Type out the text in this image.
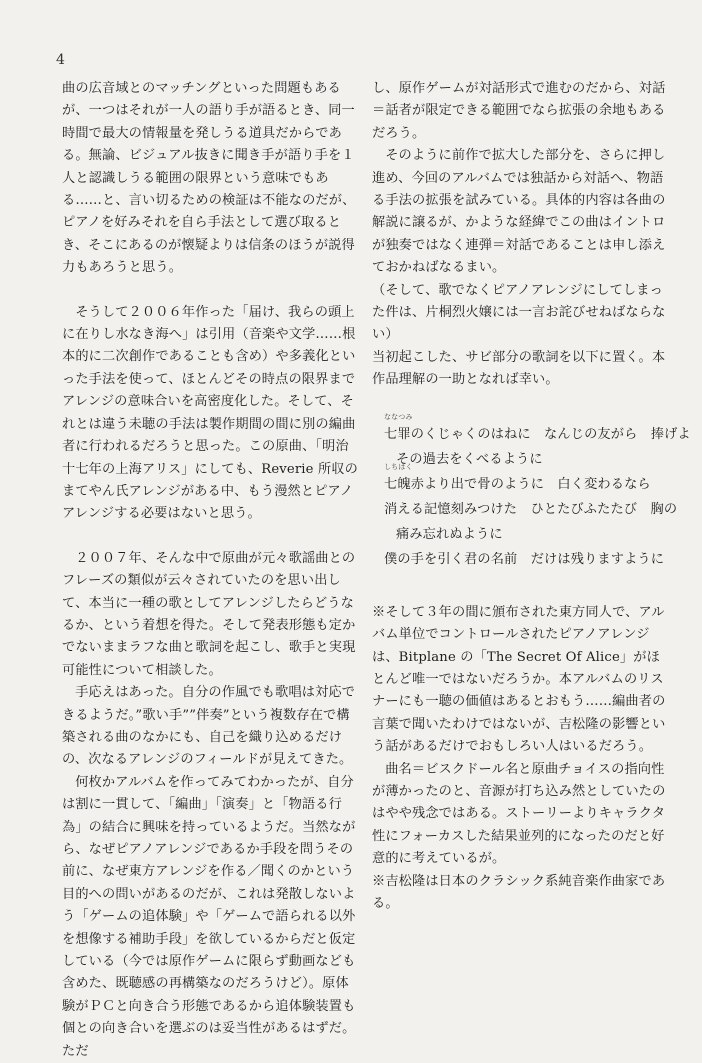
4

曲の広音域とのマッチングといった問題もあるが、一つはそれが一人の語り手が語るとき、同一時間で最大の情報量を発しうる道具だからである。無論、ビジュアル抜きに聞き手が語り手を１人と認識しうる範囲の限界という意味でもある……と、言い切るための検証は不能なのだが、ピアノを好みそれを自ら手法として選び取るとき、そこにあるのが懐疑よりは信条のほうが説得力もあろうと思う。

そうして２００６年作った「届け、我らの頭上に在りし水なき海へ」は引用（音楽や文学……根本的に二次創作であることも含め）や多義化といった手法を使って、ほとんどその時点の限界までアレンジの意味合いを高密度化した。そして、それとは違う未聴の手法は製作期間の間に別の編曲者に行われるだろうと思った。この原曲、「明治十七年の上海アリス」にしても、Reverie 所収のまてやん氏アレンジがある中、もう漫然とピアノアレンジする必要はないと思う。

２００７年、そんな中で原曲が元々歌謡曲とのフレーズの類似が云々されていたのを思い出して、本当に一種の歌としてアレンジしたらどうなるか、という着想を得た。そして発表形態も定かでないままラフな曲と歌詞を起こし、歌手と実現可能性について相談した。

手応えはあった。自分の作風でも歌唱は対応できるようだ。”歌い手””伴奏”という複数存在で構築される曲のなかにも、自己を織り込めるだけの、次なるアレンジのフィールドが見えてきた。

何枚かアルバムを作ってみてわかったが、自分は割に一貫して、「編曲」「演奏」と「物語る行為」の結合に興味を持っているようだ。当然ながら、なぜピアノアレンジであるか手段を問うその前に、なぜ東方アレンジを作る／聞くのかという目的への問いがあるのだが、これは発散しないよう「ゲームの追体験」や「ゲームで語られる以外を想像する補助手段」を欲しているからだと仮定している（今では原作ゲームに限らず動画なども含めた、既聴感の再構築なのだろうけど）。原体験がＰＣと向き合う形態であるから追体験装置も個との向き合いを選ぶのは妥当性があるはずだ。ただ

し、原作ゲームが対話形式で進むのだから、対話＝話者が限定できる範囲でなら拡張の余地もあるだろう。

そのように前作で拡大した部分を、さらに押し進め、今回のアルバムでは独話から対話へ、物語る手法の拡張を試みている。具体的内容は各曲の解説に譲るが、かような経緯でこの曲はイントロが独奏ではなく連弾＝対話であることは申し添えておかねばなるまい。

（そして、歌でなくピアノアレンジにしてしまった件は、片桐烈火嬢には一言お詫びせねばならない）

当初起こした、サビ部分の歌詞を以下に置く。本作品理解の一助となれば幸い。

ななつみ
七罪のくじゃくのはねに　なんじの友がら　捧げよ
その過去をくべるように
しちはく
七魄赤より出で骨のように　白く変わるなら
消える記憶刻みつけた　ひとたびふたたび　胸の
痛み忘れぬように
僕の手を引く君の名前　だけは残りますように

※そして３年の間に頒布された東方同人で、アルバム単位でコントロールされたピアノアレンジは、Bitplane の「The Secret Of Alice」がほとんど唯一ではないだろうか。本アルバムのリスナーにも一聴の価値はあるとおもう……編曲者の言葉で聞いたわけではないが、吉松隆の影響という話があるだけでおもしろい人はいるだろう。

曲名＝ビスクドール名と原曲チョイスの指向性が薄かったのと、音源が打ち込み然としていたのはやや残念ではある。ストーリーよりキャラクタ性にフォーカスした結果並列的になったのだと好意的に考えているが。

※吉松隆は日本のクラシック系純音楽作曲家である。
